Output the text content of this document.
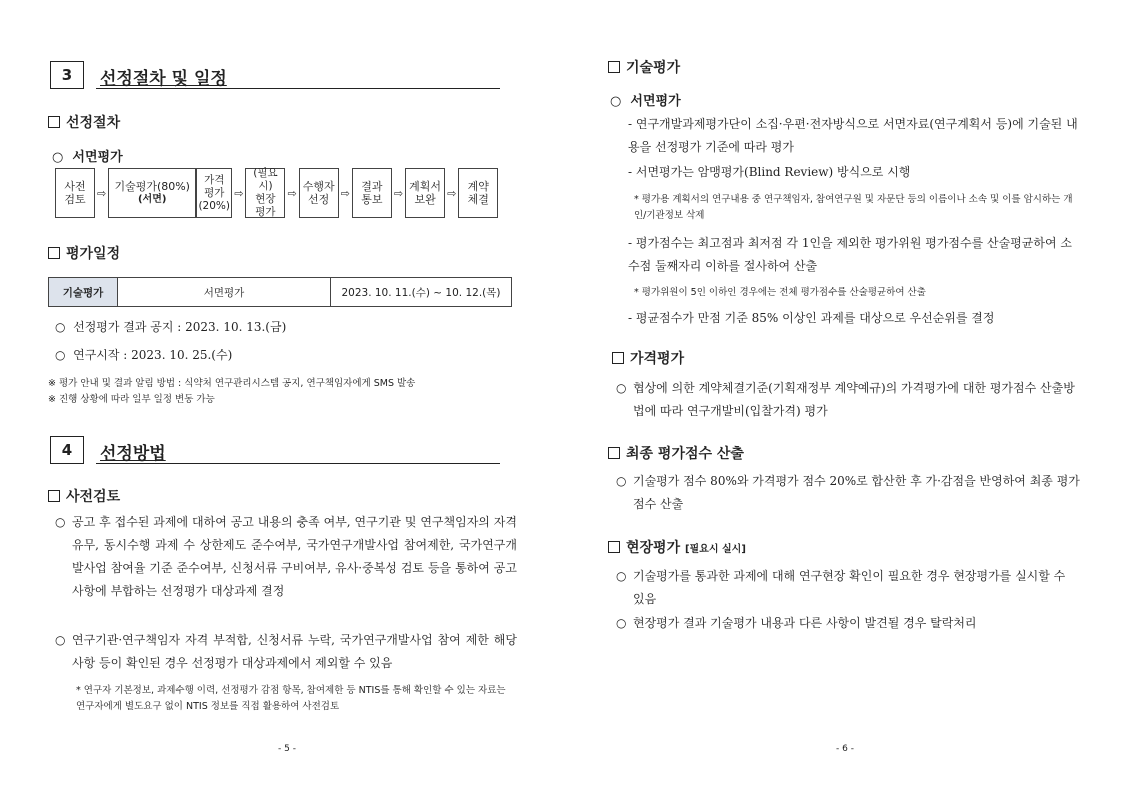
3	선정절차 및 일정
선정절차
○  서면평가
사전
검토	⇨ 기술평가(80%)
(서면)
가격
평가
(20%)
⇨
(필요시)
현장
평가
⇨ 수행자
선정	⇨	결과
통보	⇨ 계획서
보완	⇨	계약
체결
평가일정
기술평가	서면평가	2023. 10. 11.(수) ~ 10. 12.(목)
○  선정평가 결과 공지 : 2023. 10. 13.(금)
○  연구시작 : 2023. 10. 25.(수)
※ 평가 안내 및 결과 알림 방법 : 식약처 연구관리시스템 공지, 연구책임자에게 SMS 발송
※ 진행 상황에 따라 일부 일정 변동 가능
4	선정방법
사전검토
○ 공고 후 접수된 과제에 대하여 공고 내용의 충족 여부, 연구기관 및 연구책임자의 자격유무, 동시수행 과제 수 상한제도 준수여부, 국가연구개발사업 참여제한, 국가연구개발사업 참여율 기준 준수여부, 신청서류 구비여부, 유사·중복성 검토 등을 통하여 공고사항에 부합하는 선정평가 대상과제 결정
○ 연구기관·연구책임자 자격 부적합, 신청서류 누락, 국가연구개발사업 참여 제한 해당사항 등이 확인된 경우 선정평가 대상과제에서 제외할 수 있음
* 연구자 기본정보, 과제수행 이력, 선정평가 감점 항목, 참여제한 등 NTIS를 통해 확인할 수 있는 자료는 연구자에게 별도요구 없이 NTIS 정보를 직접 활용하여 사전검토
- 5 -
기술평가
○  서면평가
- 연구개발과제평가단이 소집·우편·전자방식으로 서면자료(연구계획서 등)에 기술된 내용을 선정평가 기준에 따라 평가
- 서면평가는 암맹평가(Blind Review) 방식으로 시행
* 평가용 계획서의 연구내용 중 연구책임자, 참여연구원 및 자문단 등의 이름이나 소속 및 이를 암시하는 개인/기관정보 삭제
- 평가점수는 최고점과 최저점 각 1인을 제외한 평가위원 평가점수를 산술평균하여 소수점 둘째자리 이하를 절사하여 산출
* 평가위원이 5인 이하인 경우에는 전체 평가점수를 산술평균하여 산출
- 평균점수가 만점 기준 85% 이상인 과제를 대상으로 우선순위를 결정
가격평가
○ 협상에 의한 계약체결기준(기획재정부 계약예규)의 가격평가에 대한 평가점수 산출방법에 따라 연구개발비(입찰가격) 평가
최종 평가점수 산출
○ 기술평가 점수 80%와 가격평가 점수 20%로 합산한 후 가·감점을 반영하여 최종 평가점수 산출
현장평가 [필요시 실시]
○ 기술평가를 통과한 과제에 대해 연구현장 확인이 필요한 경우 현장평가를 실시할 수 있음
○ 현장평가 결과 기술평가 내용과 다른 사항이 발견될 경우 탈락처리
- 6 -
